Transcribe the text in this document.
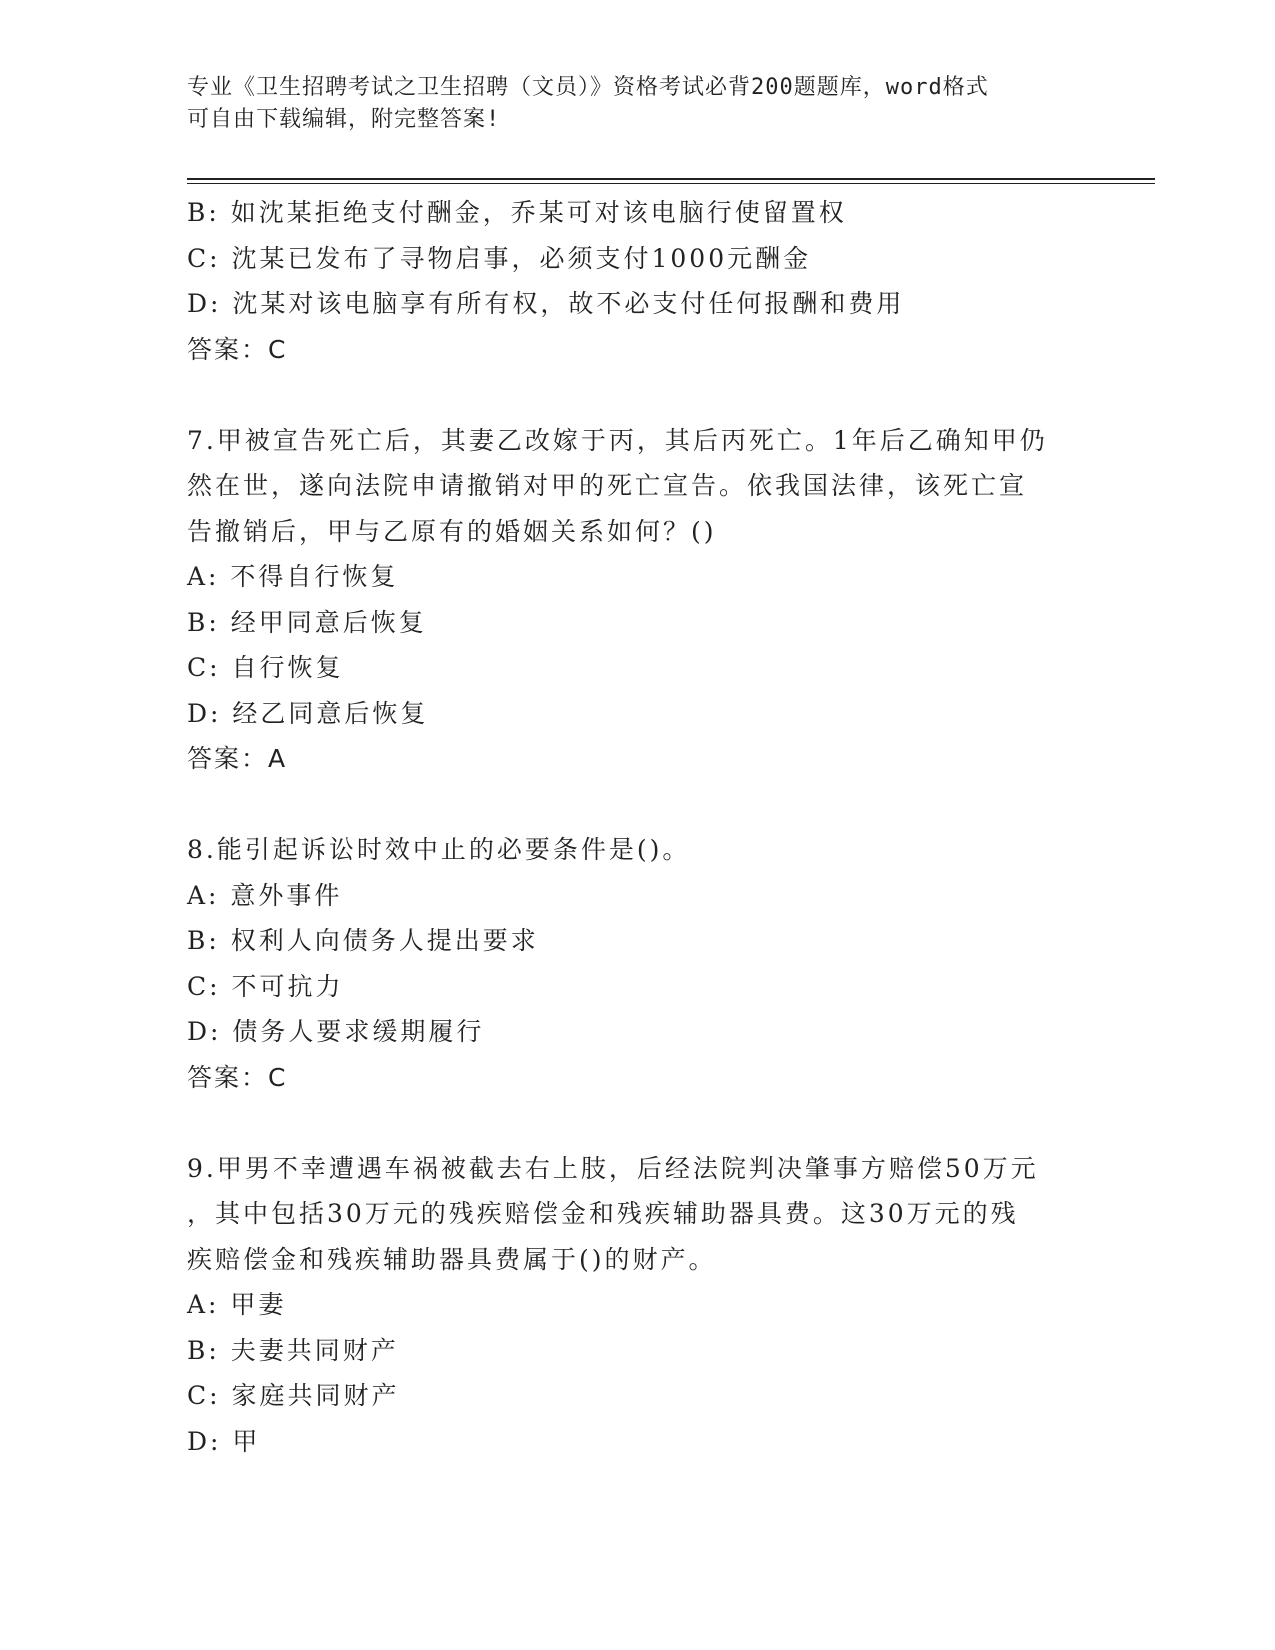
专业《卫生招聘考试之卫生招聘（文员）》资格考试必背200题题库，word格式
可自由下载编辑，附完整答案!
B: 如沈某拒绝支付酬金，乔某可对该电脑行使留置权
C: 沈某已发布了寻物启事，必须支付1000元酬金
D: 沈某对该电脑享有所有权，故不必支付任何报酬和费用
答案：C
7.甲被宣告死亡后，其妻乙改嫁于丙，其后丙死亡。1年后乙确知甲仍
然在世，遂向法院申请撤销对甲的死亡宣告。依我国法律，该死亡宣
告撤销后，甲与乙原有的婚姻关系如何？()
A: 不得自行恢复
B: 经甲同意后恢复
C: 自行恢复
D: 经乙同意后恢复
答案：A
8.能引起诉讼时效中止的必要条件是()。
A: 意外事件
B: 权利人向债务人提出要求
C: 不可抗力
D: 债务人要求缓期履行
答案：C
9.甲男不幸遭遇车祸被截去右上肢，后经法院判决肇事方赔偿50万元
，其中包括30万元的残疾赔偿金和残疾辅助器具费。这30万元的残
疾赔偿金和残疾辅助器具费属于()的财产。
A: 甲妻
B: 夫妻共同财产
C: 家庭共同财产
D: 甲
